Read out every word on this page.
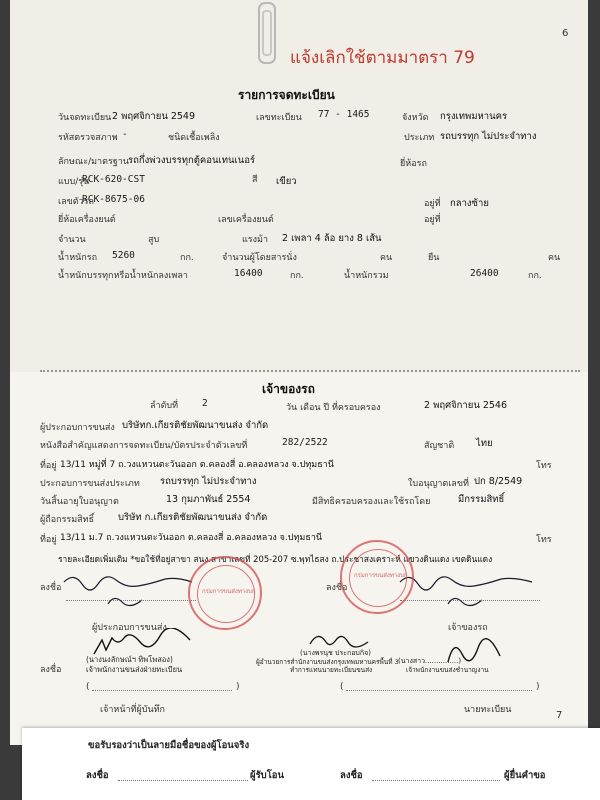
6
แจ้งเลิกใช้ตามมาตรา 79
รายการจดทะเบียน
วันจดทะเบียน 2 พฤศจิกายน 2549	เลขทะเบียน 77 - 1465	จังหวัด กรุงเทพมหานคร
รหัสตรวจสภาพ -	ชนิดเชื้อเพลิง	ประเภท รถบรรทุก ไม่ประจำทาง
ลักษณะ/มาตรฐาน รถกึ่งพ่วงบรรทุกตู้คอนเทนเนอร์	ยี่ห้อรถ
แบบ/รุ่น
RCK-620-CST	สี เขียว
เลขตัวรถ
RCK-8675-06	อยู่ที่ กลางซ้าย
ยี่ห้อเครื่องยนต์	เลขเครื่องยนต์	อยู่ที่
จำนวน	สูบ	แรงม้า 2 เพลา 4 ล้อ ยาง 8 เส้น
น้ำหนักรถ 5260	กก.	จำนวนผู้โดยสารนั่ง	คน	ยืน	คน
น้ำหนักบรรทุกหรือน้ำหนักลงเพลา	16400	กก.	น้ำหนักรวม	26400	กก.
เจ้าของรถ
ลำดับที่	2	วัน เดือน ปี ที่ครอบครอง	2 พฤศจิกายน 2546
ผู้ประกอบการขนส่ง บริษัทก.เกียรติชัยพัฒนาขนส่ง จำกัด
หนังสือสำคัญแสดงการจดทะเบียน/บัตรประจำตัวเลขที่	282/2522	สัญชาติ ไทย
ที่อยู่ 13/11 หมู่ที่ 7 ถ.วงแหวนตะวันออก ต.คลองสี่ อ.คลองหลวง จ.ปทุมธานี	โทร
ประกอบการขนส่งประเภท รถบรรทุก ไม่ประจำทาง	ใบอนุญาตเลขที่ ปก 8/2549
วันสิ้นอายุใบอนุญาต	13 กุมภาพันธ์ 2554	มีสิทธิครอบครองและใช้รถโดย	มีกรรมสิทธิ์
ผู้ถือกรรมสิทธิ์	บริษัท ก.เกียรติชัยพัฒนาขนส่ง จำกัด
ที่อยู่ 13/11 ม.7 ถ.วงแหวนตะวันออก ต.คลองสี่ อ.คลองหลวง จ.ปทุมธานี	โทร
รายละเอียดเพิ่มเติม *ขอใช้ที่อยู่สาขา สนง.สาขาเลขที่ 205-207 ซ.พุทไธสง ถ.ประชาสงเคราะห์ แขวงดินแดง เขตดินแดง
ลงชื่อ
ผู้ประกอบการขนส่ง
กรมการขนส่งทางบก	ลงชื่อ
เจ้าของรถ
กรมการขนส่งทางบก
ลงชื่อ
(นางนงลักษณ์ฯ ทิพโพสอง)
เจ้าพนักงานขนส่งฝ่ายทะเบียน
(	)
เจ้าหน้าที่ผู้บันทึก
(นางพรนุช ประกอบกิจ)
ผู้อำนวยการสำนักงานขนส่งกรุงเทพมหานครพื้นที่ 3
ทำการแทนนายทะเบียนขนส่ง
(นางสาว...............)
เจ้าพนักงานขนส่งชำนาญงาน
(	)
นายทะเบียน	7
ขอรับรองว่าเป็นลายมือชื่อของผู้โอนจริง
ลงชื่อ	ผู้รับโอน	ลงชื่อ	ผู้ยื่นคำขอ
